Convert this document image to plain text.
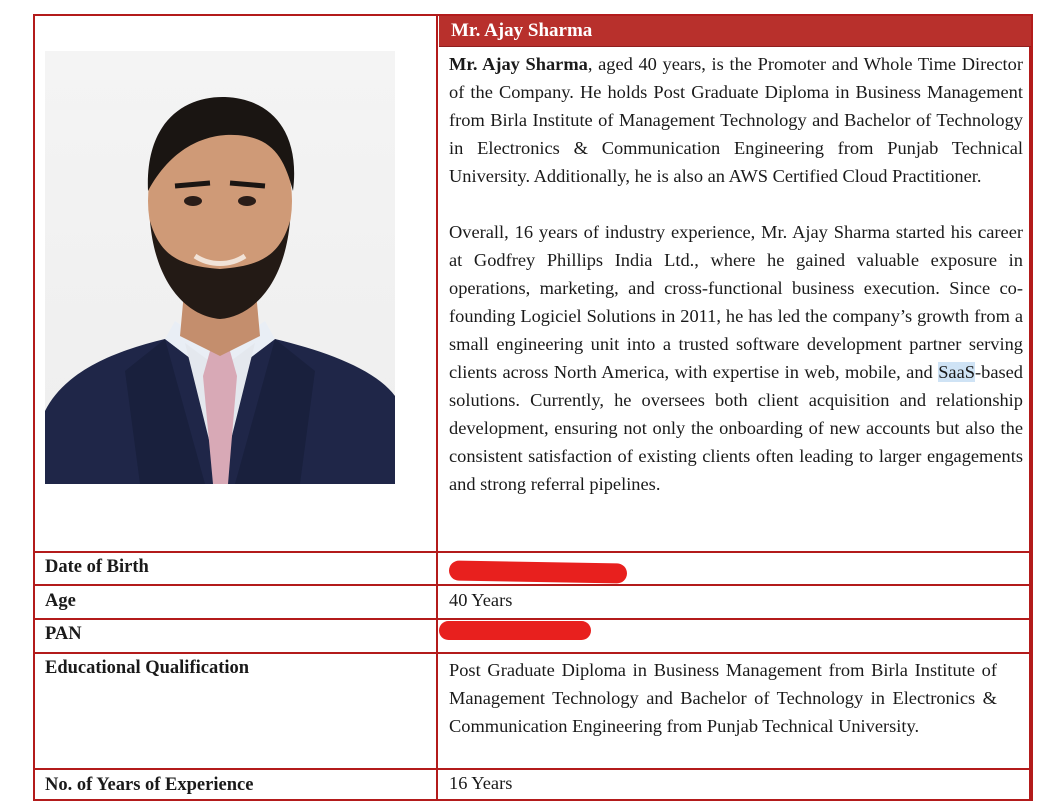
Mr. Ajay Sharma

Mr. Ajay Sharma, aged 40 years, is the Promoter and Whole Time Director of the Company. He holds Post Graduate Diploma in Business Management from Birla Institute of Management Technology and Bachelor of Technology in Electronics & Communication Engineering from Punjab Technical University. Additionally, he is also an AWS Certified Cloud Practitioner.

Overall, 16 years of industry experience, Mr. Ajay Sharma started his career at Godfrey Phillips India Ltd., where he gained valuable exposure in operations, marketing, and cross-functional business execution. Since co-founding Logiciel Solutions in 2011, he has led the company’s growth from a small engineering unit into a trusted software development partner serving clients across North America, with expertise in web, mobile, and SaaS-based solutions. Currently, he oversees both client acquisition and relationship development, ensuring not only the onboarding of new accounts but also the consistent satisfaction of existing clients often leading to larger engagements and strong referral pipelines.

Date of Birth
Age	40 Years
PAN
Educational Qualification	Post Graduate Diploma in Business Management from Birla Institute of Management Technology and Bachelor of Technology in Electronics & Communication Engineering from Punjab Technical University.
No. of Years of Experience	16 Years
